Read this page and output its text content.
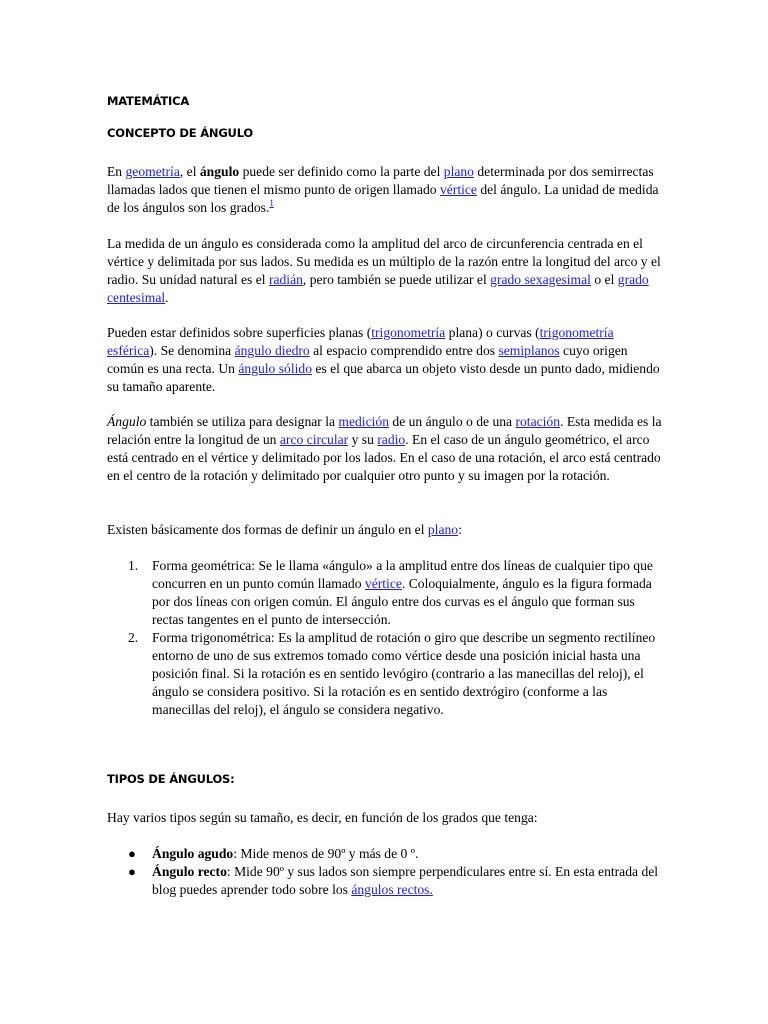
MATEMÁTICA
CONCEPTO DE ÁNGULO

En geometría, el ángulo puede ser definido como la parte del plano determinada por dos semirrectas llamadas lados que tienen el mismo punto de origen llamado vértice del ángulo. La unidad de medida de los ángulos son los grados.$^1$

La medida de un ángulo es considerada como la amplitud del arco de circunferencia centrada en el vértice y delimitada por sus lados. Su medida es un múltiplo de la razón entre la longitud del arco y el radio. Su unidad natural es el radián, pero también se puede utilizar el grado sexagesimal o el grado centesimal.

Pueden estar definidos sobre superficies planas (trigonometría plana) o curvas (trigonometría esférica). Se denomina ángulo diedro al espacio comprendido entre dos semiplanos cuyo origen común es una recta. Un ángulo sólido es el que abarca un objeto visto desde un punto dado, midiendo su tamaño aparente.

Ángulo también se utiliza para designar la medición de un ángulo o de una rotación. Esta medida es la relación entre la longitud de un arco circular y su radio. En el caso de un ángulo geométrico, el arco está centrado en el vértice y delimitado por los lados. En el caso de una rotación, el arco está centrado en el centro de la rotación y delimitado por cualquier otro punto y su imagen por la rotación.

Existen básicamente dos formas de definir un ángulo en el plano:

1. Forma geométrica: Se le llama «ángulo» a la amplitud entre dos líneas de cualquier tipo que concurren en un punto común llamado vértice. Coloquialmente, ángulo es la figura formada por dos líneas con origen común. El ángulo entre dos curvas es el ángulo que forman sus rectas tangentes en el punto de intersección.
2. Forma trigonométrica: Es la amplitud de rotación o giro que describe un segmento rectilíneo entorno de uno de sus extremos tomado como vértice desde una posición inicial hasta una posición final. Si la rotación es en sentido levógiro (contrario a las manecillas del reloj), el ángulo se considera positivo. Si la rotación es en sentido dextrógiro (conforme a las manecillas del reloj), el ángulo se considera negativo.
TIPOS DE ÁNGULOS:

Hay varios tipos según su tamaño, es decir, en función de los grados que tenga:

● Ángulo agudo: Mide menos de 90º y más de 0 º.
● Ángulo recto: Mide 90º y sus lados son siempre perpendiculares entre sí. En esta entrada del blog puedes aprender todo sobre los ángulos rectos.
